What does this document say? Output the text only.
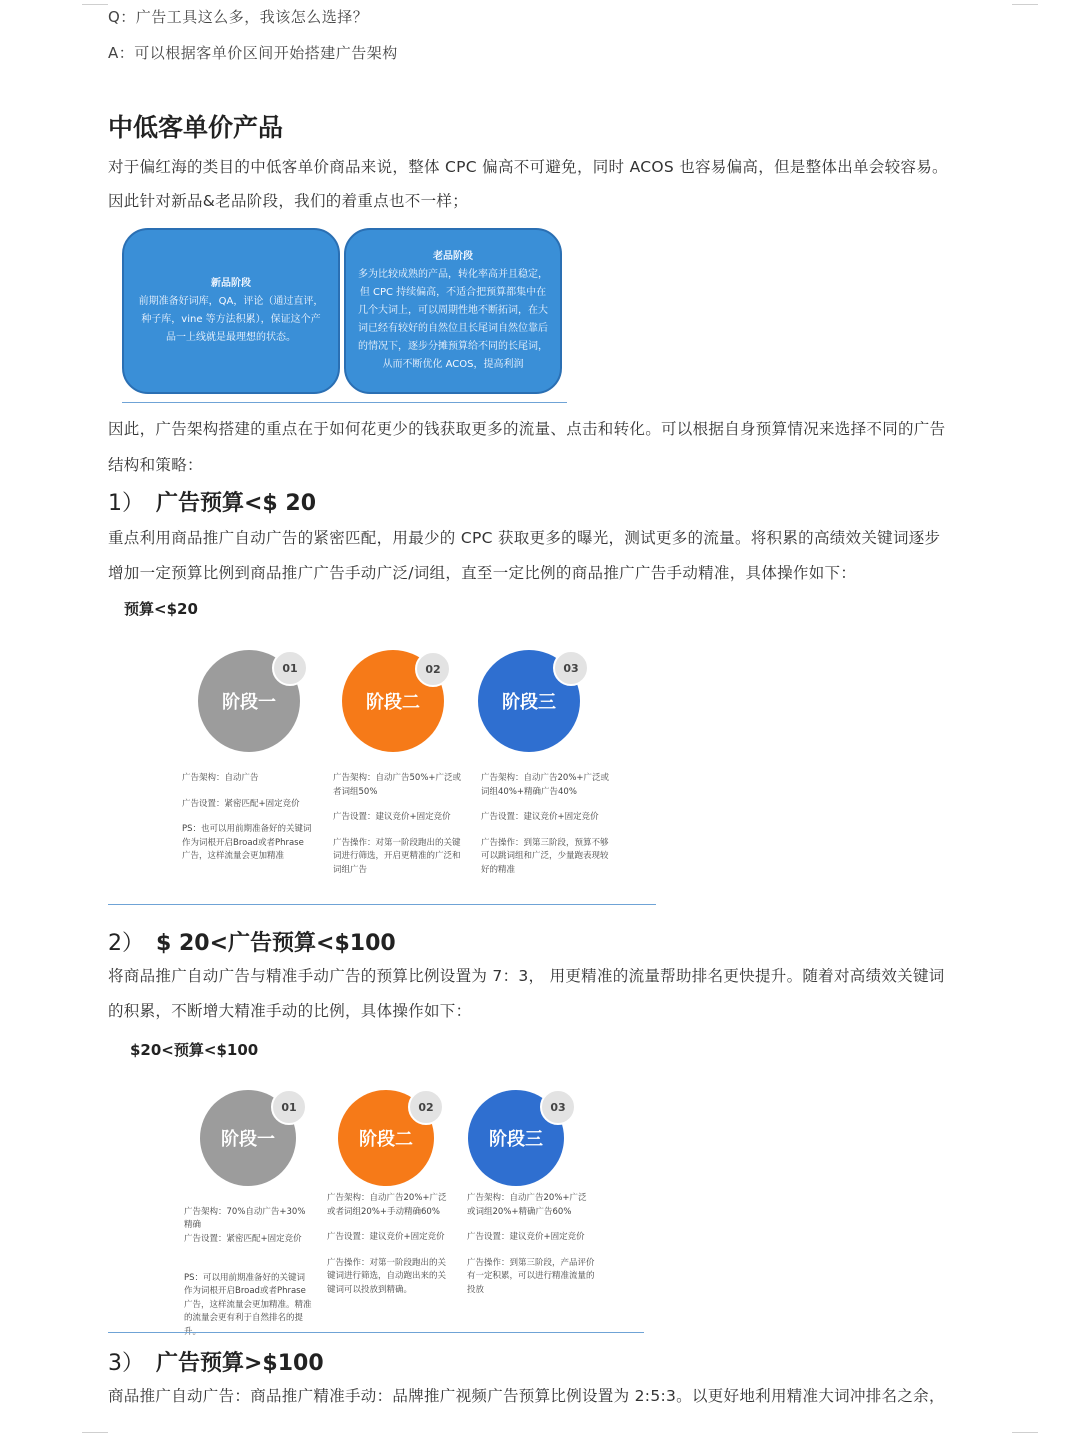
Q：广告工具这么多，我该怎么选择？
A：可以根据客单价区间开始搭建广告架构
中低客单价产品
对于偏红海的类目的中低客单价商品来说，整体 CPC 偏高不可避免，同时 ACOS 也容易偏高，但是整体出单会较容易。
因此针对新品&老品阶段，我们的着重点也不一样；
新品阶段
前期准备好词库，QA，评论（通过直评，种子库，vine 等方法积累），保证这个产品一上线就是最理想的状态。
老品阶段
多为比较成熟的产品，转化率高并且稳定，但 CPC 持续偏高，不适合把预算都集中在几个大词上，可以周期性地不断拓词，在大词已经有较好的自然位且长尾词自然位靠后的情况下，逐步分摊预算给不同的长尾词，从而不断优化 ACOS，提高利润
因此，广告架构搭建的重点在于如何花更少的钱获取更多的流量、点击和转化。可以根据自身预算情况来选择不同的广告
结构和策略：
1） 广告预算<$ 20
重点利用商品推广自动广告的紧密匹配，用最少的 CPC 获取更多的曝光，测试更多的流量。将积累的高绩效关键词逐步
增加一定预算比例到商品推广广告手动广泛/词组，直至一定比例的商品推广广告手动精准，具体操作如下：
预算<$20
阶段一
01
阶段二
02
阶段三
03

广告架构：自动广告

广告设置：紧密匹配+固定竞价

PS：也可以用前期准备好的关键词作为词根开启Broad或者Phrase广告，这样流量会更加精准

广告架构：自动广告50%+广泛或者词组50%

广告设置：建议竞价+固定竞价

广告操作：对第一阶段跑出的关键词进行筛选，开启更精准的广泛和词组广告

广告架构：自动广告20%+广泛或词组40%+精确广告40%

广告设置：建议竞价+固定竞价

广告操作：到第三阶段，预算不够可以跳词组和广泛，少量跑表现较好的精准

2） $ 20<广告预算<$100
将商品推广自动广告与精准手动广告的预算比例设置为 7：3， 用更精准的流量帮助排名更快提升。随着对高绩效关键词
的积累，不断增大精准手动的比例，具体操作如下：
$20<预算<$100
阶段一
01
阶段二
02
阶段三
03

广告架构：70%自动广告+30%精确
广告设置：紧密匹配+固定竞价

PS：可以用前期准备好的关键词作为词根开启Broad或者Phrase广告，这样流量会更加精准。精准的流量会更有利于自然排名的提

广告架构：自动广告20%+广泛或者词组20%+手动精确60%

广告设置：建议竞价+固定竞价

广告操作：对第一阶段跑出的关键词进行筛选，自动跑出来的关键词可以投放到精确。

广告架构：自动广告20%+广泛或词组20%+精确广告60%

广告设置：建议竞价+固定竞价

广告操作：到第三阶段，产品评价有一定积累，可以进行精准流量的投放

3） 广告预算>$100
商品推广自动广告：商品推广精准手动：品牌推广视频广告预算比例设置为 2:5:3。以更好地利用精准大词冲排名之余，
